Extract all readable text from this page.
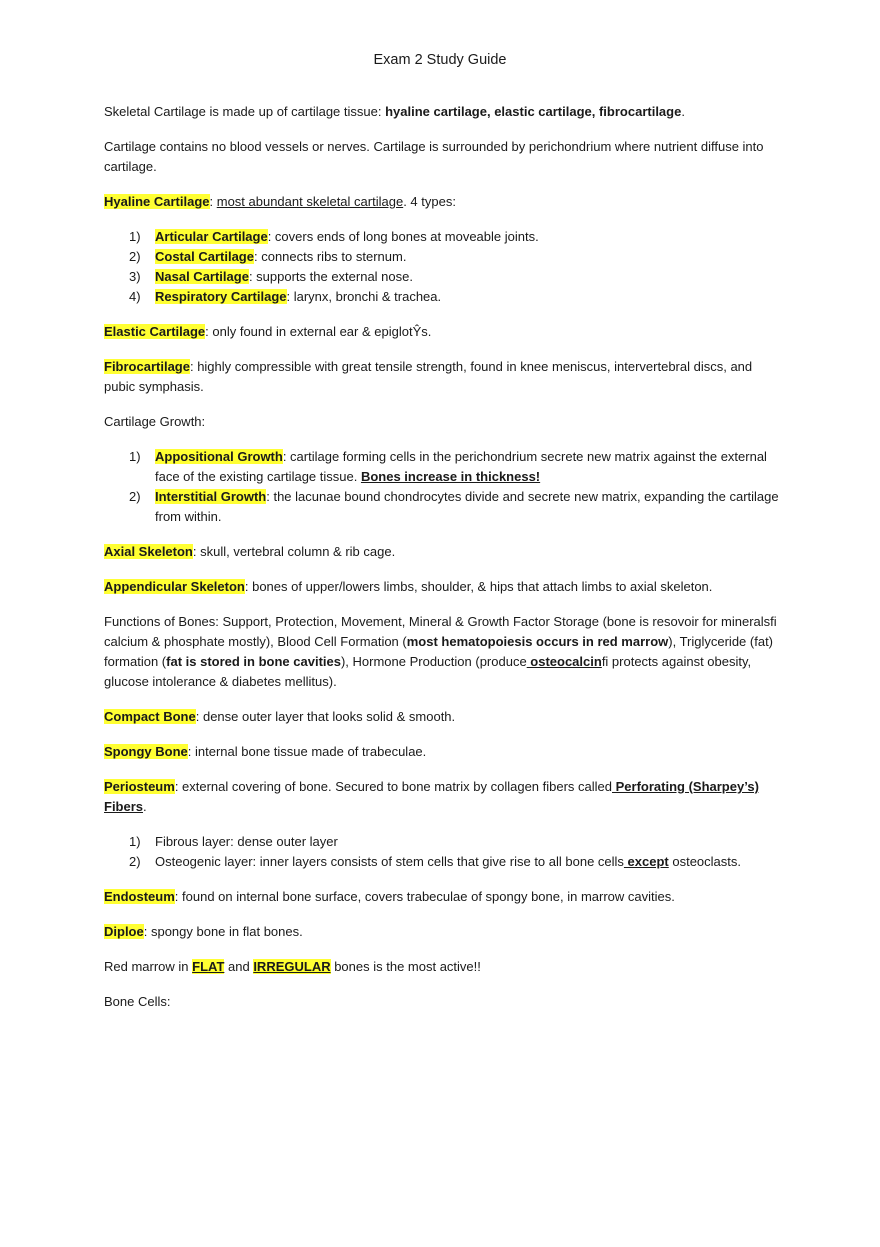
Exam 2 Study Guide

Skeletal Cartilage is made up of cartilage tissue: hyaline cartilage, elastic cartilage, fibrocartilage.

Cartilage contains no blood vessels or nerves. Cartilage is surrounded by perichondrium where nutrient diffuse into cartilage.

Hyaline Cartilage: most abundant skeletal cartilage. 4 types:

1) Articular Cartilage: covers ends of long bones at moveable joints.
2) Costal Cartilage: connects ribs to sternum.
3) Nasal Cartilage: supports the external nose.
4) Respiratory Cartilage: larynx, bronchi & trachea.

Elastic Cartilage: only found in external ear & epiglotŶs.

Fibrocartilage: highly compressible with great tensile strength, found in knee meniscus, intervertebral discs, and pubic symphasis.

Cartilage Growth:

1) Appositional Growth: cartilage forming cells in the perichondrium secrete new matrix against the external face of the existing cartilage tissue. Bones increase in thickness!
2) Interstitial Growth: the lacunae bound chondrocytes divide and secrete new matrix, expanding the cartilage from within.

Axial Skeleton: skull, vertebral column & rib cage.

Appendicular Skeleton: bones of upper/lowers limbs, shoulder, & hips that attach limbs to axial skeleton.

Functions of Bones: Support, Protection, Movement, Mineral & Growth Factor Storage (bone is resovoir for mineralsfi calcium & phosphate mostly), Blood Cell Formation (most hematopoiesis occurs in red marrow), Triglyceride (fat) formation (fat is stored in bone cavities), Hormone Production (produce osteocalcinfi protects against obesity, glucose intolerance & diabetes mellitus).

Compact Bone: dense outer layer that looks solid & smooth.

Spongy Bone: internal bone tissue made of trabeculae.

Periosteum: external covering of bone. Secured to bone matrix by collagen fibers called Perforating (Sharpey’s) Fibers.

1) Fibrous layer: dense outer layer
2) Osteogenic layer: inner layers consists of stem cells that give rise to all bone cells except osteoclasts.

Endosteum: found on internal bone surface, covers trabeculae of spongy bone, in marrow cavities.

Diploe: spongy bone in flat bones.

Red marrow in FLAT and IRREGULAR bones is the most active!!

Bone Cells:
